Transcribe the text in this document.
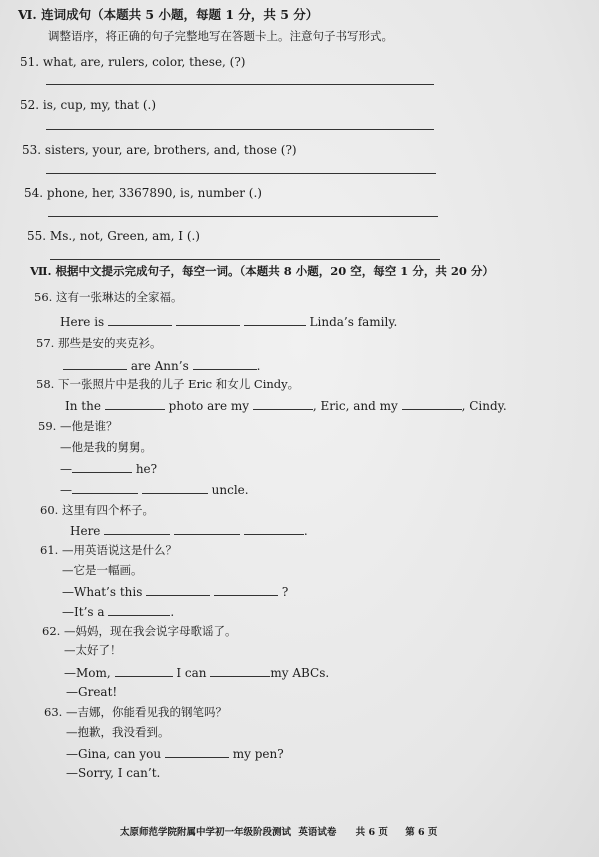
Ⅵ. 连词成句（本题共 5 小题，每题 1 分，共 5 分）
调整语序，将正确的句子完整地写在答题卡上。注意句子书写形式。
51. what, are, rulers, color, these, (?)
52. is, cup, my, that (.)
53. sisters, your, are, brothers, and, those (?)
54. phone, her, 3367890, is, number (.)
55. Ms., not, Green, am, I (.)
Ⅶ. 根据中文提示完成句子，每空一词。（本题共 8 小题，20 空，每空 1 分，共 20 分）
56. 这有一张琳达的全家福。
Here is	Linda’s family.
57. 那些是安的夹克衫。
are Ann’s	.
58. 下一张照片中是我的儿子 Eric 和女儿 Cindy。
In the	photo are my	, Eric, and my	, Cindy.
59. —他是谁？
—他是我的舅舅。
—	he?
—	uncle.
60. 这里有四个杯子。
Here	.
61. —用英语说这是什么？
—它是一幅画。
—What’s this	?
—It’s a	.
62. —妈妈，现在我会说字母歌谣了。
—太好了！
—Mom,	I can	my ABCs.
—Great!
63. —吉娜，你能看见我的钢笔吗？
—抱歉，我没看到。
—Gina, can you	my pen?
—Sorry, I can’t.
太原师范学院附属中学初一年级阶段测试 英语试卷 共 6 页 第 6 页
